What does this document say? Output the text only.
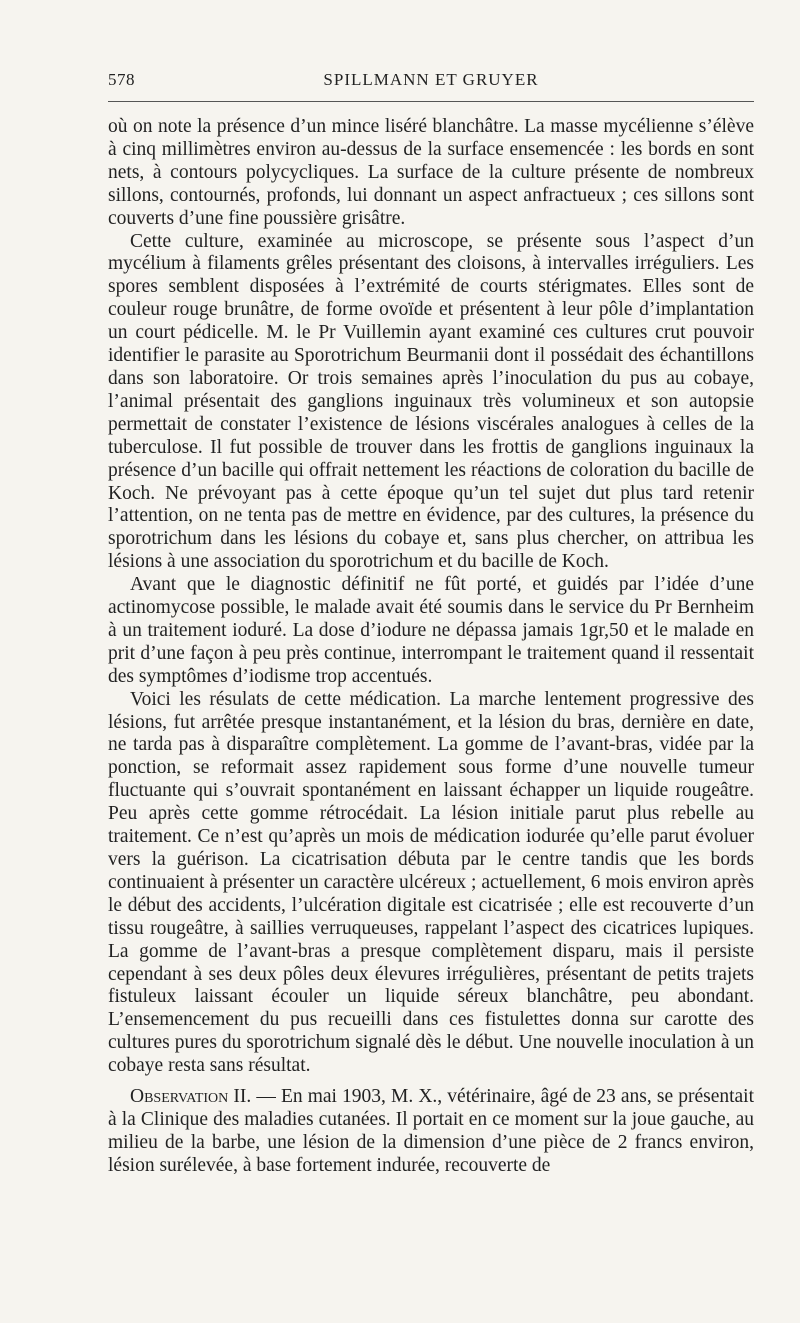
578	SPILLMANN ET GRUYER

où on note la présence d’un mince liséré blanchâtre. La masse mycélienne s’élève à cinq millimètres environ au-dessus de la surface ensemencée : les bords en sont nets, à contours polycycliques. La surface de la culture présente de nombreux sillons, contournés, profonds, lui donnant un aspect anfractueux ; ces sillons sont couverts d’une fine poussière grisâtre.

Cette culture, examinée au microscope, se présente sous l’aspect d’un mycélium à filaments grêles présentant des cloisons, à intervalles irréguliers. Les spores semblent disposées à l’extrémité de courts stérigmates. Elles sont de couleur rouge brunâtre, de forme ovoïde et présentent à leur pôle d’implantation un court pédicelle. M. le Pr Vuillemin ayant examiné ces cultures crut pouvoir identifier le parasite au Sporotrichum Beurmanii dont il possédait des échantillons dans son laboratoire. Or trois semaines après l’inoculation du pus au cobaye, l’animal présentait des ganglions inguinaux très volumineux et son autopsie permettait de constater l’existence de lésions viscérales analogues à celles de la tuberculose. Il fut possible de trouver dans les frottis de ganglions inguinaux la présence d’un bacille qui offrait nettement les réactions de coloration du bacille de Koch. Ne prévoyant pas à cette époque qu’un tel sujet dut plus tard retenir l’attention, on ne tenta pas de mettre en évidence, par des cultures, la présence du sporotrichum dans les lésions du cobaye et, sans plus chercher, on attribua les lésions à une association du sporotrichum et du bacille de Koch.

Avant que le diagnostic définitif ne fût porté, et guidés par l’idée d’une actinomycose possible, le malade avait été soumis dans le service du Pr Bernheim à un traitement ioduré. La dose d’iodure ne dépassa jamais 1gr,50 et le malade en prit d’une façon à peu près continue, interrompant le traitement quand il ressentait des symptômes d’iodisme trop accentués.

Voici les résulats de cette médication. La marche lentement progressive des lésions, fut arrêtée presque instantanément, et la lésion du bras, dernière en date, ne tarda pas à disparaître complètement. La gomme de l’avant-bras, vidée par la ponction, se reformait assez rapidement sous forme d’une nouvelle tumeur fluctuante qui s’ouvrait spontanément en laissant échapper un liquide rougeâtre. Peu après cette gomme rétrocédait. La lésion initiale parut plus rebelle au traitement. Ce n’est qu’après un mois de médication iodurée qu’elle parut évoluer vers la guérison. La cicatrisation débuta par le centre tandis que les bords continuaient à présenter un caractère ulcéreux ; actuellement, 6 mois environ après le début des accidents, l’ulcération digitale est cicatrisée ; elle est recouverte d’un tissu rougeâtre, à saillies verruqueuses, rappelant l’aspect des cicatrices lupiques. La gomme de l’avant-bras a presque complètement disparu, mais il persiste cependant à ses deux pôles deux élevures irrégulières, présentant de petits trajets fistuleux laissant écouler un liquide séreux blanchâtre, peu abondant. L’ensemencement du pus recueilli dans ces fistulettes donna sur carotte des cultures pures du sporotrichum signalé dès le début. Une nouvelle inoculation à un cobaye resta sans résultat.

Observation II. — En mai 1903, M. X., vétérinaire, âgé de 23 ans, se présentait à la Clinique des maladies cutanées. Il portait en ce moment sur la joue gauche, au milieu de la barbe, une lésion de la dimension d’une pièce de 2 francs environ, lésion surélevée, à base fortement indurée, recouverte de
